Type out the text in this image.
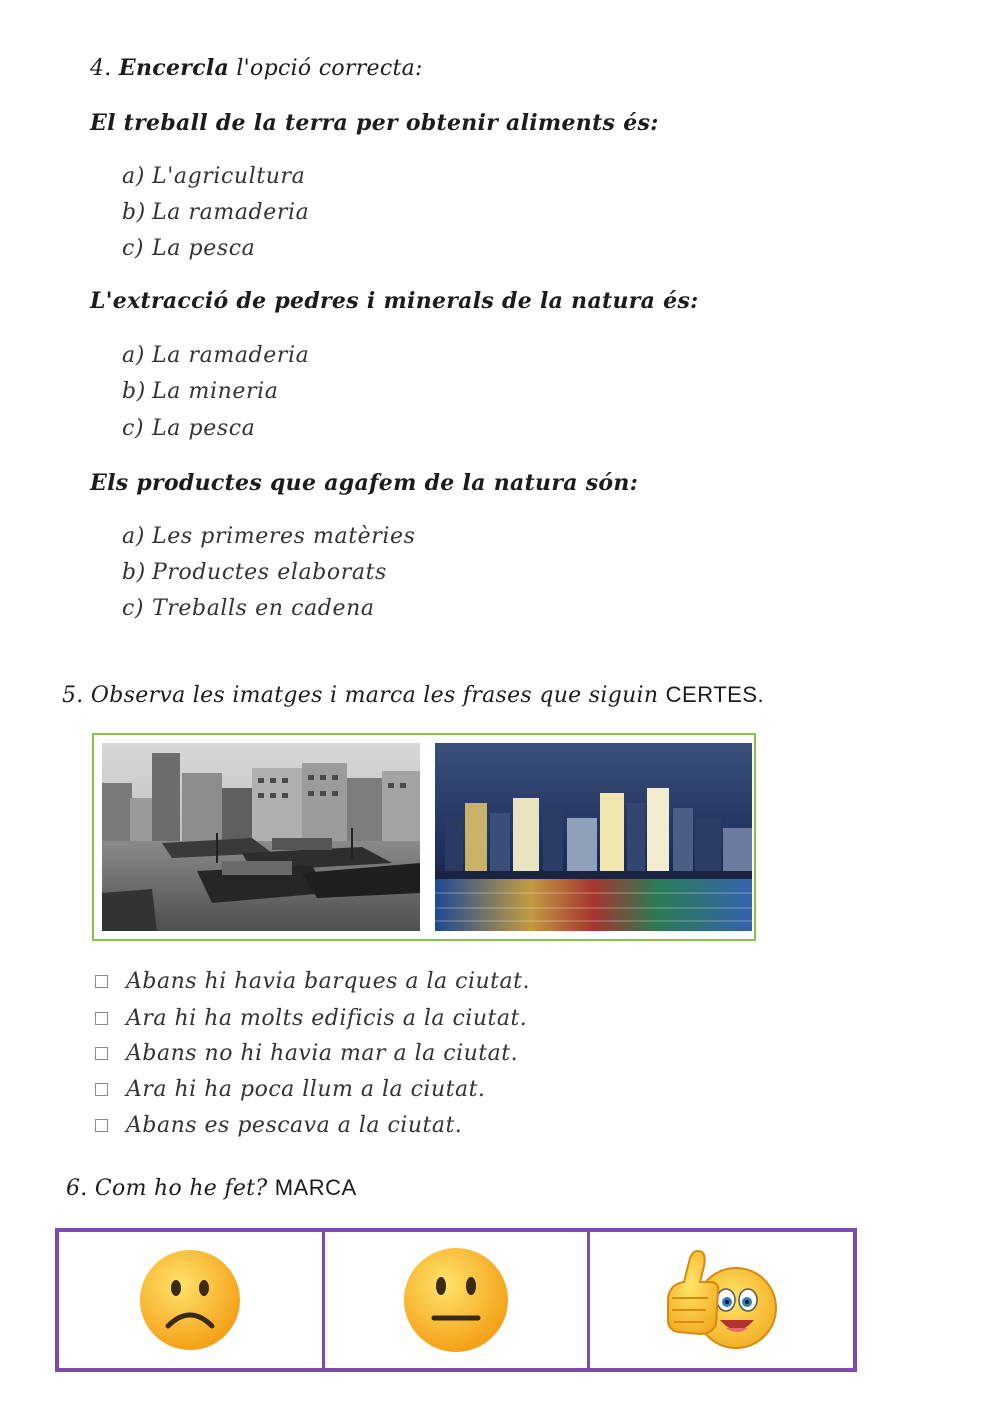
4. Encercla l'opció correcta:
El treball de la terra per obtenir aliments és:
a) L'agricultura
b) La ramaderia
c) La pesca
L'extracció de pedres i minerals de la natura és:
a) La ramaderia
b) La mineria
c) La pesca
Els productes que agafem de la natura són:
a) Les primeres matèries
b) Productes elaborats
c) Treballs en cadena
5. Observa les imatges i marca les frases que siguin CERTES.
Abans hi havia barques a la ciutat.
Ara hi ha molts edificis a la ciutat.
Abans no hi havia mar a la ciutat.
Ara hi ha poca llum a la ciutat.
Abans es pescava a la ciutat.
6. Com ho he fet? MARCA
